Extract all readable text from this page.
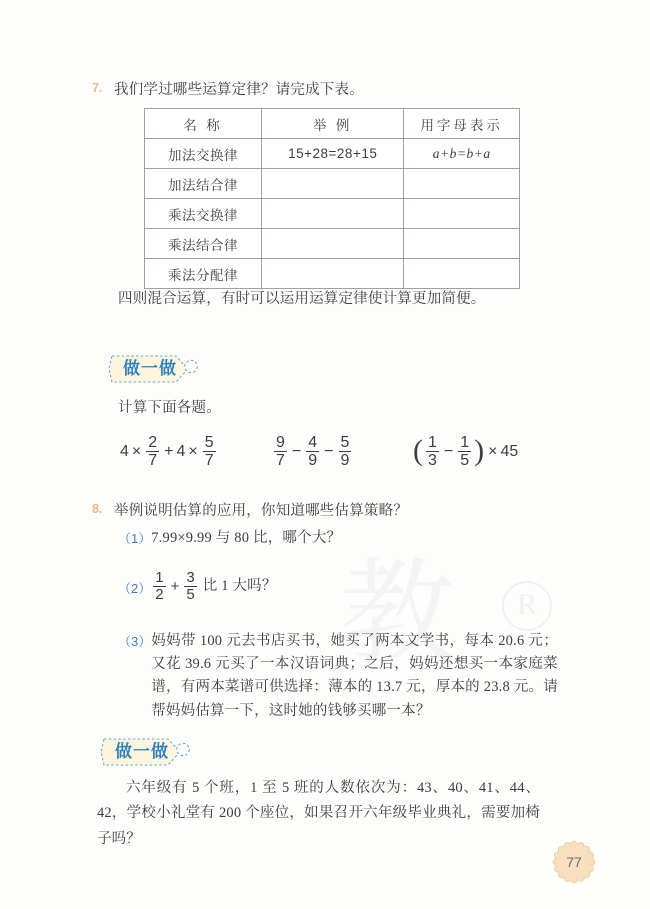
教	R
7. 我们学过哪些运算定律？请完成下表。
名 称	举 例	用字母表示
加法交换律	15+28=28+15	a+b=b+a
加法结合律		
乘法交换律		
乘法结合律		
乘法分配律		
四则混合运算，有时可以运用运算定律使计算更加简便。
做一做
计算下面各题。
$4 \times \frac{2}{7} + 4 \times \frac{5}{7}$	$\frac{9}{7} - \frac{4}{9} - \frac{5}{9}$ ( $\frac{1}{3} - \frac{1}{5}$ ) × 45
8. 举例说明估算的应用，你知道哪些估算策略？
（1） 7.99×9.99 与 80 比，哪个大？
$(2) \frac{1}{2} + \frac{3}{5}$ 比 1 大吗？
（3） 妈妈带 100 元去书店买书，她买了两本文学书，每本 20.6 元；又花 39.6 元买了一本汉语词典；之后，妈妈还想买一本家庭菜谱，有两本菜谱可供选择：薄本的 13.7 元，厚本的 23.8 元。请帮妈妈估算一下，这时她的钱够买哪一本？
做一做
六年级有 5 个班，1 至 5 班的人数依次为：43、40、41、44、42，学校小礼堂有 200 个座位，如果召开六年级毕业典礼，需要加椅子吗？
77
